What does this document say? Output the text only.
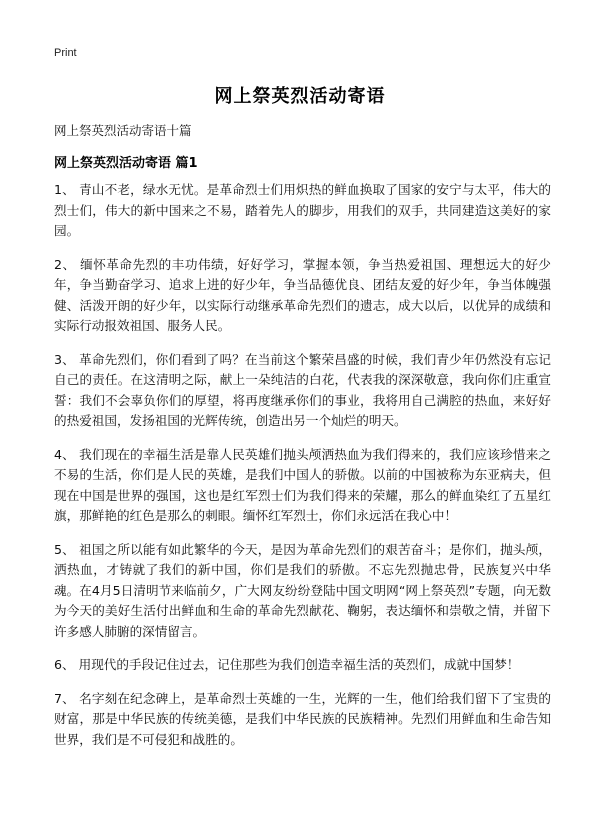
Print
网上祭英烈活动寄语
网上祭英烈活动寄语十篇
网上祭英烈活动寄语 篇1

1、 青山不老，绿水无忧。是革命烈士们用炽热的鲜血换取了国家的安宁与太平，伟大的烈士们，伟大的新中国来之不易，踏着先人的脚步，用我们的双手，共同建造这美好的家园。

2、 缅怀革命先烈的丰功伟绩，好好学习，掌握本领，争当热爱祖国、理想远大的好少年，争当勤奋学习、追求上进的好少年，争当品德优良、团结友爱的好少年，争当体魄强健、活泼开朗的好少年，以实际行动继承革命先烈们的遗志，成大以后，以优异的成绩和实际行动报效祖国、服务人民。

3、 革命先烈们，你们看到了吗？在当前这个繁荣昌盛的时候，我们青少年仍然没有忘记自己的责任。在这清明之际，献上一朵纯洁的白花，代表我的深深敬意，我向你们庄重宣誓：我们不会辜负你们的厚望，将再度继承你们的事业，我将用自己满腔的热血，来好好的热爱祖国，发扬祖国的光辉传统，创造出另一个灿烂的明天。

4、 我们现在的幸福生活是靠人民英雄们抛头颅洒热血为我们得来的，我们应该珍惜来之不易的生活，你们是人民的英雄，是我们中国人的骄傲。以前的中国被称为东亚病夫，但现在中国是世界的强国，这也是红军烈士们为我们得来的荣耀，那么的鲜血染红了五星红旗，那鲜艳的红色是那么的刺眼。缅怀红军烈士，你们永远活在我心中！

5、 祖国之所以能有如此繁华的今天，是因为革命先烈们的艰苦奋斗；是你们，抛头颅，洒热血，才铸就了我们的新中国，你们是我们的骄傲。不忘先烈抛忠骨，民族复兴中华魂。在4月5日清明节来临前夕，广大网友纷纷登陆中国文明网“网上祭英烈”专题，向无数为今天的美好生活付出鲜血和生命的革命先烈献花、鞠躬，表达缅怀和崇敬之情，并留下许多感人肺腑的深情留言。

6、 用现代的手段记住过去，记住那些为我们创造幸福生活的英烈们，成就中国梦！

7、 名字刻在纪念碑上，是革命烈士英雄的一生，光辉的一生，他们给我们留下了宝贵的财富，那是中华民族的传统美德，是我们中华民族的民族精神。先烈们用鲜血和生命告知世界，我们是不可侵犯和战胜的。
